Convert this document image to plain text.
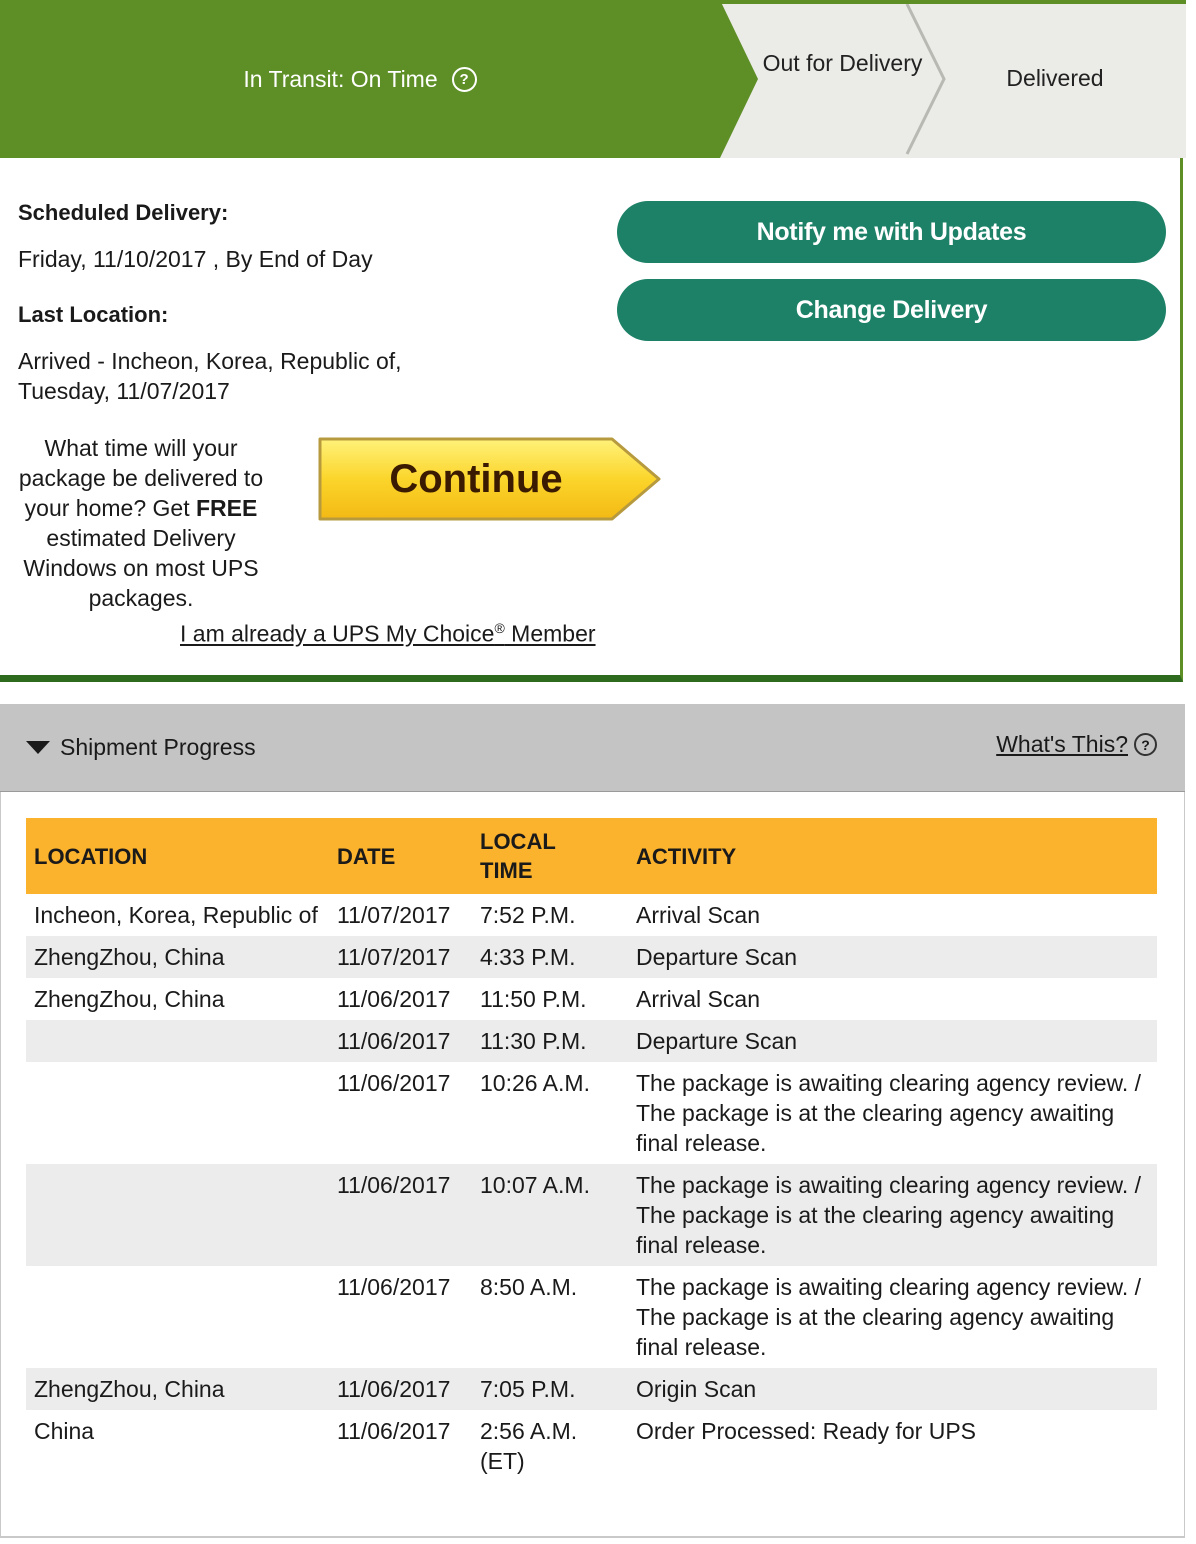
In Transit: On Time	?
Out for Delivery
Delivered
Scheduled Delivery:
Friday, 11/10/2017 , By End of Day
Last Location:
Arrived - Incheon, Korea, Republic of,
Tuesday, 11/07/2017
Notify me with Updates
Change Delivery
What time will your package be delivered to your home? Get FREE estimated Delivery Windows on most UPS packages.
Continue
I am already a UPS My Choice® Member
Shipment Progress	What's This? ?
LOCATION	DATE	LOCAL TIME	ACTIVITY
Incheon, Korea, Republic of	11/07/2017	7:52 P.M.	Arrival Scan
ZhengZhou, China	11/07/2017	4:33 P.M.	Departure Scan
ZhengZhou, China	11/06/2017	11:50 P.M.	Arrival Scan
	11/06/2017	11:30 P.M.	Departure Scan
	11/06/2017	10:26 A.M.	The package is awaiting clearing agency review. / The package is at the clearing agency awaiting final release.
	11/06/2017	10:07 A.M.	The package is awaiting clearing agency review. / The package is at the clearing agency awaiting final release.
	11/06/2017	8:50 A.M.	The package is awaiting clearing agency review. / The package is at the clearing agency awaiting final release.
ZhengZhou, China	11/06/2017	7:05 P.M.	Origin Scan
China	11/06/2017	2:56 A.M. (ET)	Order Processed: Ready for UPS
